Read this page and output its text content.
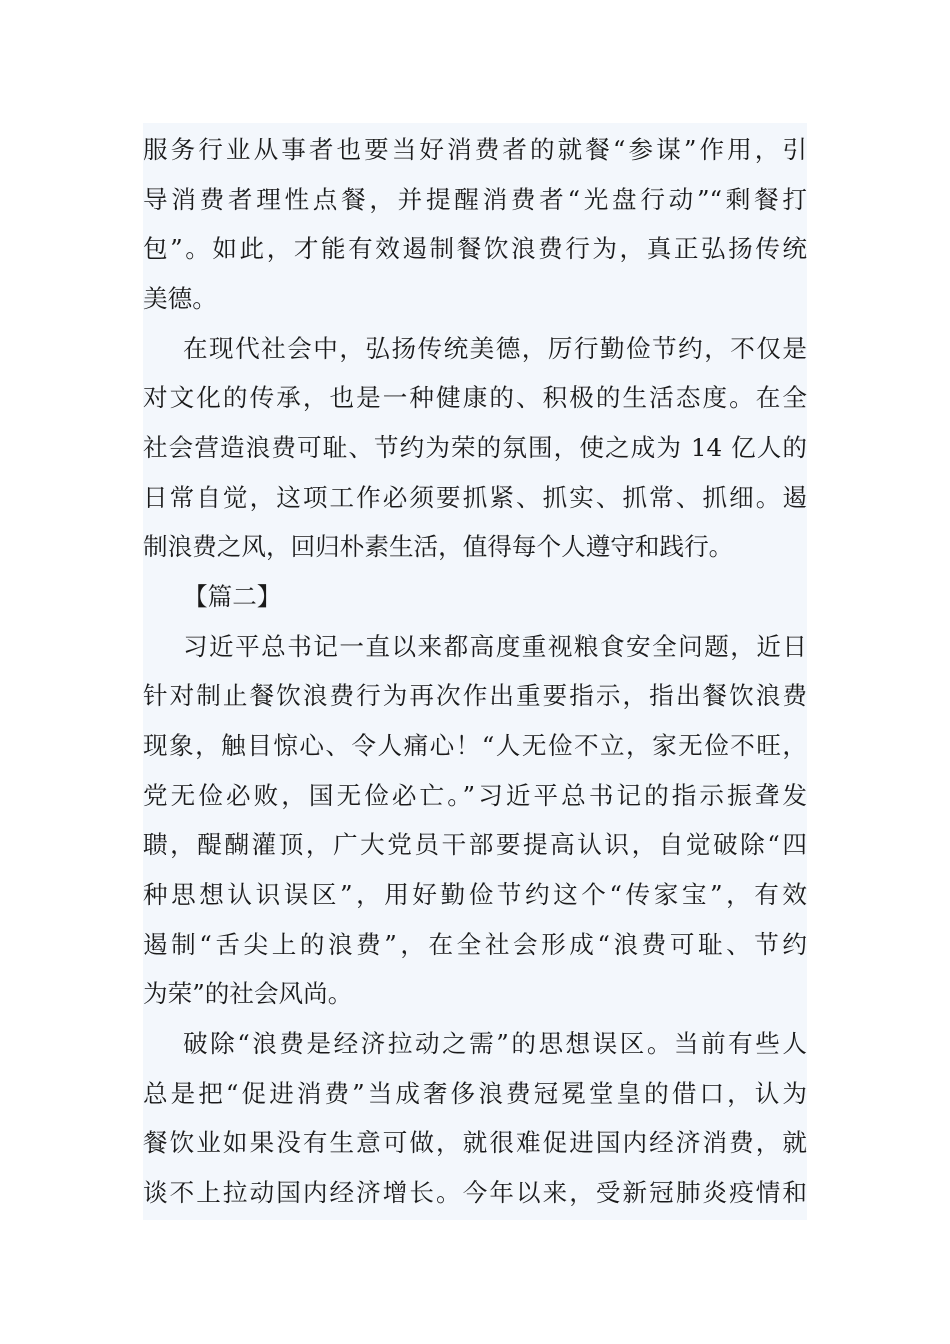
服务行业从事者也要当好消费者的就餐“参谋”作用，引
导消费者理性点餐，并提醒消费者“光盘行动”“剩餐打
包”。如此，才能有效遏制餐饮浪费行为，真正弘扬传统
美德。
在现代社会中，弘扬传统美德，厉行勤俭节约，不仅是
对文化的传承，也是一种健康的、积极的生活态度。在全
社会营造浪费可耻、节约为荣的氛围，使之成为 14 亿人的
日常自觉，这项工作必须要抓紧、抓实、抓常、抓细。遏
制浪费之风，回归朴素生活，值得每个人遵守和践行。
【篇二】
习近平总书记一直以来都高度重视粮食安全问题，近日
针对制止餐饮浪费行为再次作出重要指示，指出餐饮浪费
现象，触目惊心、令人痛心！“人无俭不立，家无俭不旺，
党无俭必败，国无俭必亡。”习近平总书记的指示振聋发
聩，醍醐灌顶，广大党员干部要提高认识，自觉破除“四
种思想认识误区”，用好勤俭节约这个“传家宝”，有效
遏制“舌尖上的浪费”，在全社会形成“浪费可耻、节约
为荣”的社会风尚。
破除“浪费是经济拉动之需”的思想误区。当前有些人
总是把“促进消费”当成奢侈浪费冠冕堂皇的借口，认为
餐饮业如果没有生意可做，就很难促进国内经济消费，就
谈不上拉动国内经济增长。今年以来，受新冠肺炎疫情和
